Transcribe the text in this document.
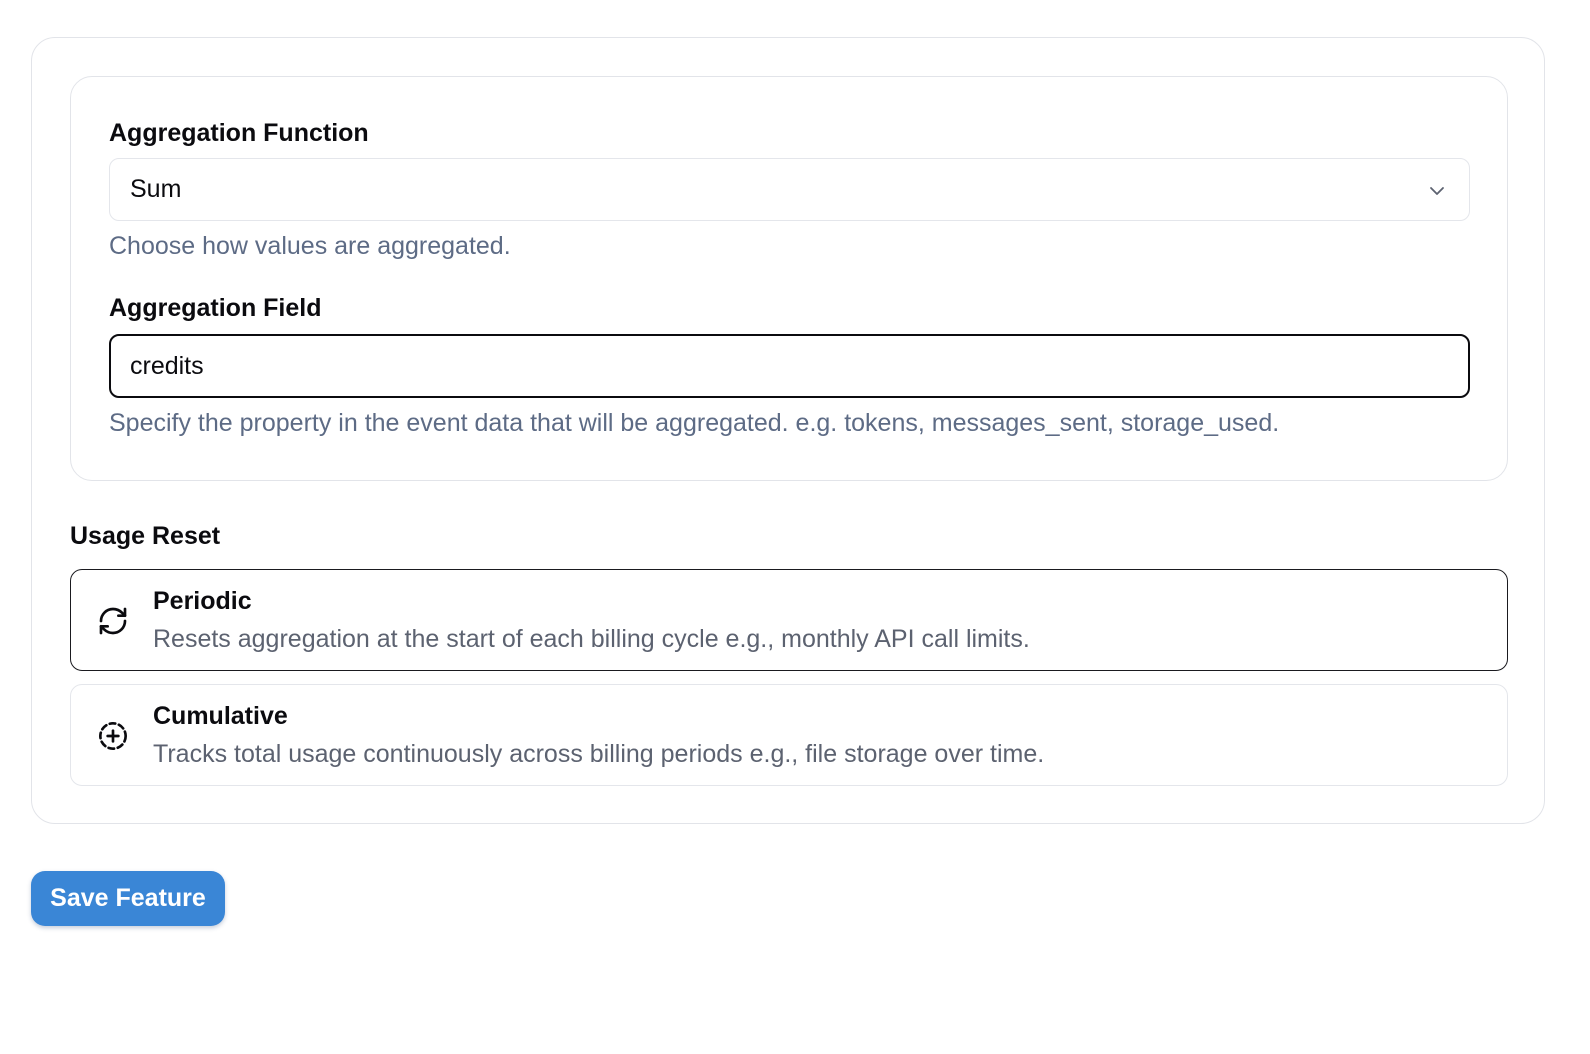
Aggregation Function
Sum
Choose how values are aggregated.
Aggregation Field
credits
Specify the property in the event data that will be aggregated. e.g. tokens, messages_sent, storage_used.
Usage Reset
Periodic
Resets aggregation at the start of each billing cycle e.g., monthly API call limits.
Cumulative
Tracks total usage continuously across billing periods e.g., file storage over time.
Save Feature
